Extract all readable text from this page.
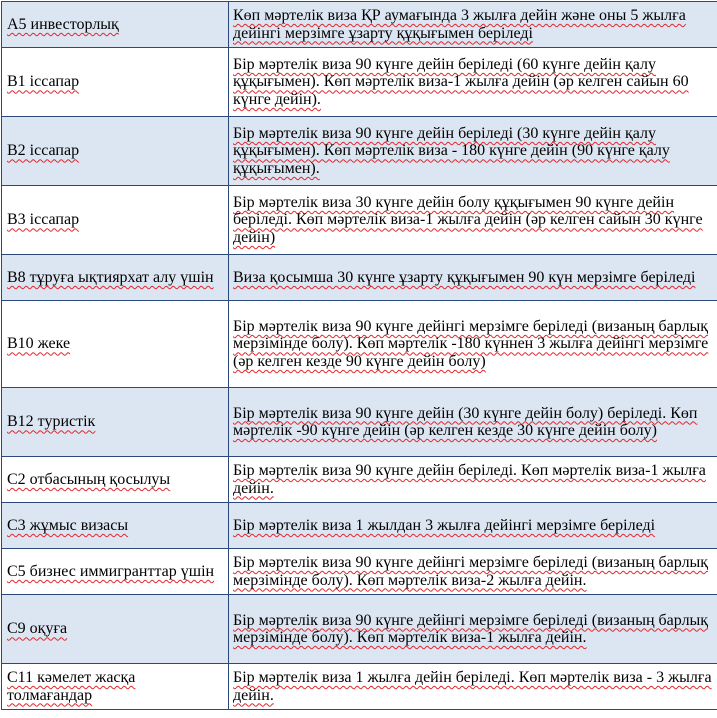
A5 инвесторлық	Көп мәртелік виза ҚР аумағында 3 жылға дейін және оны 5 жылға дейінгі мерзімге ұзарту құқығымен беріледі
B1 іссапар	Бір мәртелік виза 90 күнге дейін беріледі (60 күнге дейін қалу құқығымен). Көп мәртелік виза-1 жылға дейін (әр келген сайын 60 күнге дейін).
B2 іссапар	Бір мәртелік виза 90 күнге дейін беріледі (30 күнге дейін қалу құқығымен). Көп мәртелік виза - 180 күнге дейін (90 күнге қалу құқығымен).
B3 іссапар	Бір мәртелік виза 30 күнге дейін болу құқығымен 90 күнге дейін беріледі. Көп мәртелік виза-1 жылға дейін (әр келген сайын 30 күнге дейін)
B8 тұруға ықтиярхат алу үшін	Виза қосымша 30 күнге ұзарту құқығымен 90 күн мерзімге беріледі
B10 жеке	Бір мәртелік виза 90 күнге дейінгі мерзімге беріледі (визаның барлық мерзімінде болу). Көп мәртелік -180 күннен 3 жылға дейінгі мерзімге (әр келген кезде 90 күнге дейін болу)
B12 туристік	Бір мәртелік виза 90 күнге дейін (30 күнге дейін болу) беріледі. Көп мәртелік -90 күнге дейін (әр келген кезде 30 күнге дейін болу)
C2 отбасының қосылуы	Бір мәртелік виза 90 күнге дейін беріледі. Көп мәртелік виза-1 жылға дейін.
C3 жұмыс визасы	Бір мәртелік виза 1 жылдан 3 жылға дейінгі мерзімге беріледі
C5 бизнес иммигранттар үшін	Бір мәртелік виза 90 күнге дейінгі мерзімге беріледі (визаның барлық мерзімінде болу). Көп мәртелік виза-2 жылға дейін.
C9 оқуға	Бір мәртелік виза 90 күнге дейінгі мерзімге беріледі (визаның барлық мерзімінде болу). Көп мәртелік виза-1 жылға дейін.
C11 кәмелет жасқа толмағандар	Бір мәртелік виза 1 жылға дейін беріледі. Көп мәртелік виза - 3 жылға дейін.
